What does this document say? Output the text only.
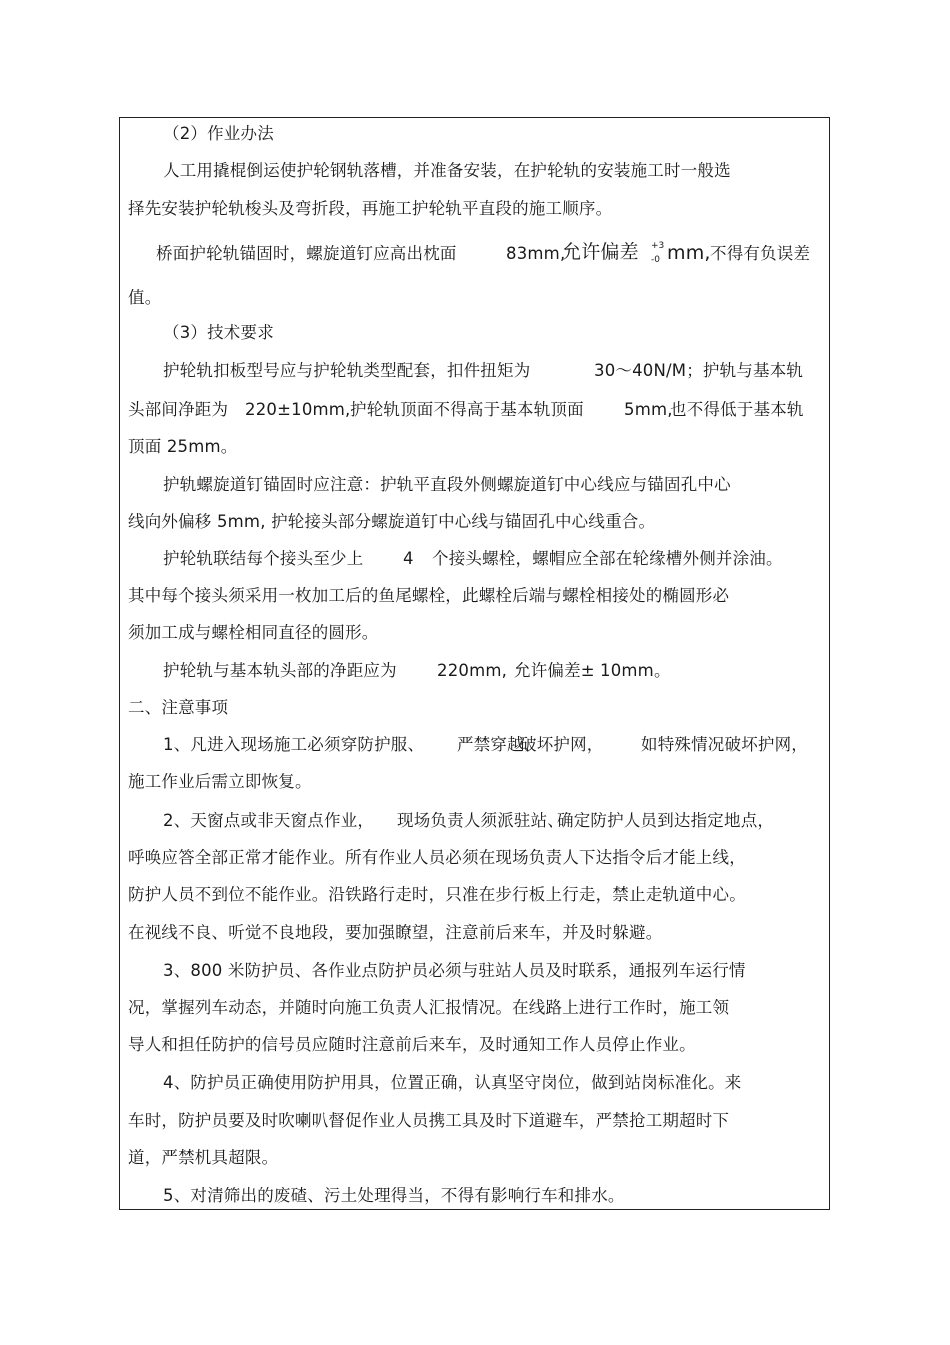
（2）作业办法
人工用撬棍倒运使护轮钢轨落槽，并准备安装，在护轮轨的安装施工时一般选
择先安装护轮轨梭头及弯折段，再施工护轮轨平直段的施工顺序。
桥面护轮轨锚固时，螺旋道钉应高出枕面	83mm,
允许偏差 +3
-0 mm, 不得有负误差
值。
（3）技术要求
护轮轨扣板型号应与护轮轨类型配套，扣件扭矩为	30～40N/M；护轨与基本轨
头部间净距为 220±10mm, 护轮轨顶面不得高于基本轨顶面 5mm,
也不得低于基本轨
顶面 25mm。
护轨螺旋道钉锚固时应注意：护轨平直段外侧螺旋道钉中心线应与锚固孔中心
线向外偏移 5mm, 护轮接头部分螺旋道钉中心线与锚固孔中心线重合。
护轮轨联结每个接头至少上 4 个接头螺栓，螺帽应全部在轮缘槽外侧并涂油。
其中每个接头须采用一枚加工后的鱼尾螺栓，此螺栓后端与螺栓相接处的椭圆形必
须加工成与螺栓相同直径的圆形。
护轮轨与基本轨头部的净距应为 220mm, 允许偏差± 10mm。
二、注意事项
1、凡进入现场施工必须穿防护服、 严禁穿越、
破坏护网， 如特殊情况破坏护网，
施工作业后需立即恢复。
2、天窗点或非天窗点作业， 现场负责人须派驻站、
确定防护人员到达指定地点，
呼唤应答全部正常才能作业。所有作业人员必须在现场负责人下达指令后才能上线，
防护人员不到位不能作业。沿铁路行走时，只准在步行板上行走，禁止走轨道中心。
在视线不良、听觉不良地段，要加强瞭望，注意前后来车，并及时躲避。
3、800 米防护员、各作业点防护员必须与驻站人员及时联系，通报列车运行情
况，掌握列车动态，并随时向施工负责人汇报情况。在线路上进行工作时，施工领
导人和担任防护的信号员应随时注意前后来车，及时通知工作人员停止作业。
4、防护员正确使用防护用具，位置正确，认真坚守岗位，做到站岗标准化。来
车时，防护员要及时吹喇叭督促作业人员携工具及时下道避车，严禁抢工期超时下
道，严禁机具超限。
5、对清筛出的废碴、污土处理得当，不得有影响行车和排水。
